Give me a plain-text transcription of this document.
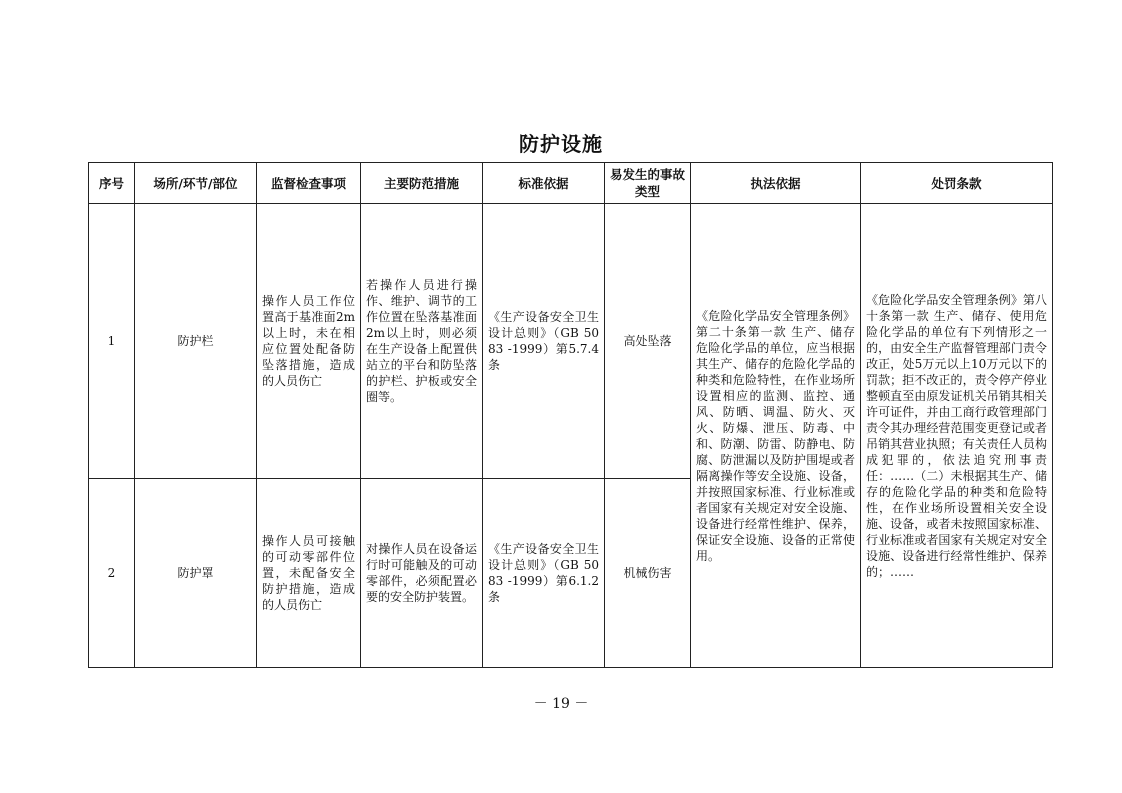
防护设施
序号	场所/环节/部位	监督检查事项	主要防范措施	标准依据	易发生的事故类型	执法依据	处罚条款
1	防护栏	操作人员工作位置高于基准面2m以上时，未在相应位置处配备防坠落措施，造成的人员伤亡	若操作人员进行操作、维护、调节的工作位置在坠落基准面2m以上时，则必须在生产设备上配置供站立的平台和防坠落的护栏、护板或安全圈等。	《生产设备安全卫生设计总则》（GB 5083 -1999）第5.7.4条	高处坠落	《危险化学品安全管理条例》第二十条第一款 生产、储存危险化学品的单位，应当根据其生产、储存的危险化学品的种类和危险特性，在作业场所设置相应的监测、监控、通风、防晒、调温、防火、灭火、防爆、泄压、防毒、中和、防潮、防雷、防静电、防腐、防泄漏以及防护围堤或者隔离操作等安全设施、设备，并按照国家标准、行业标准或者国家有关规定对安全设施、设备进行经常性维护、保养，保证安全设施、设备的正常使用。	《危险化学品安全管理条例》第八十条第一款 生产、储存、使用危险化学品的单位有下列情形之一的，由安全生产监督管理部门责令改正，处5万元以上10万元以下的罚款；拒不改正的，责令停产停业整顿直至由原发证机关吊销其相关许可证件，并由工商行政管理部门责令其办理经营范围变更登记或者吊销其营业执照；有关责任人员构成犯罪的，依法追究刑事责任：……（二）未根据其生产、储存的危险化学品的种类和危险特性，在作业场所设置相关安全设施、设备，或者未按照国家标准、行业标准或者国家有关规定对安全设施、设备进行经常性维护、保养的；……
2	防护罩	操作人员可接触的可动零部件位置，未配备安全防护措施，造成的人员伤亡	对操作人员在设备运行时可能触及的可动零部件，必须配置必要的安全防护装置。	《生产设备安全卫生设计总则》（GB 5083 -1999）第6.1.2条	机械伤害		
－ 19 －
